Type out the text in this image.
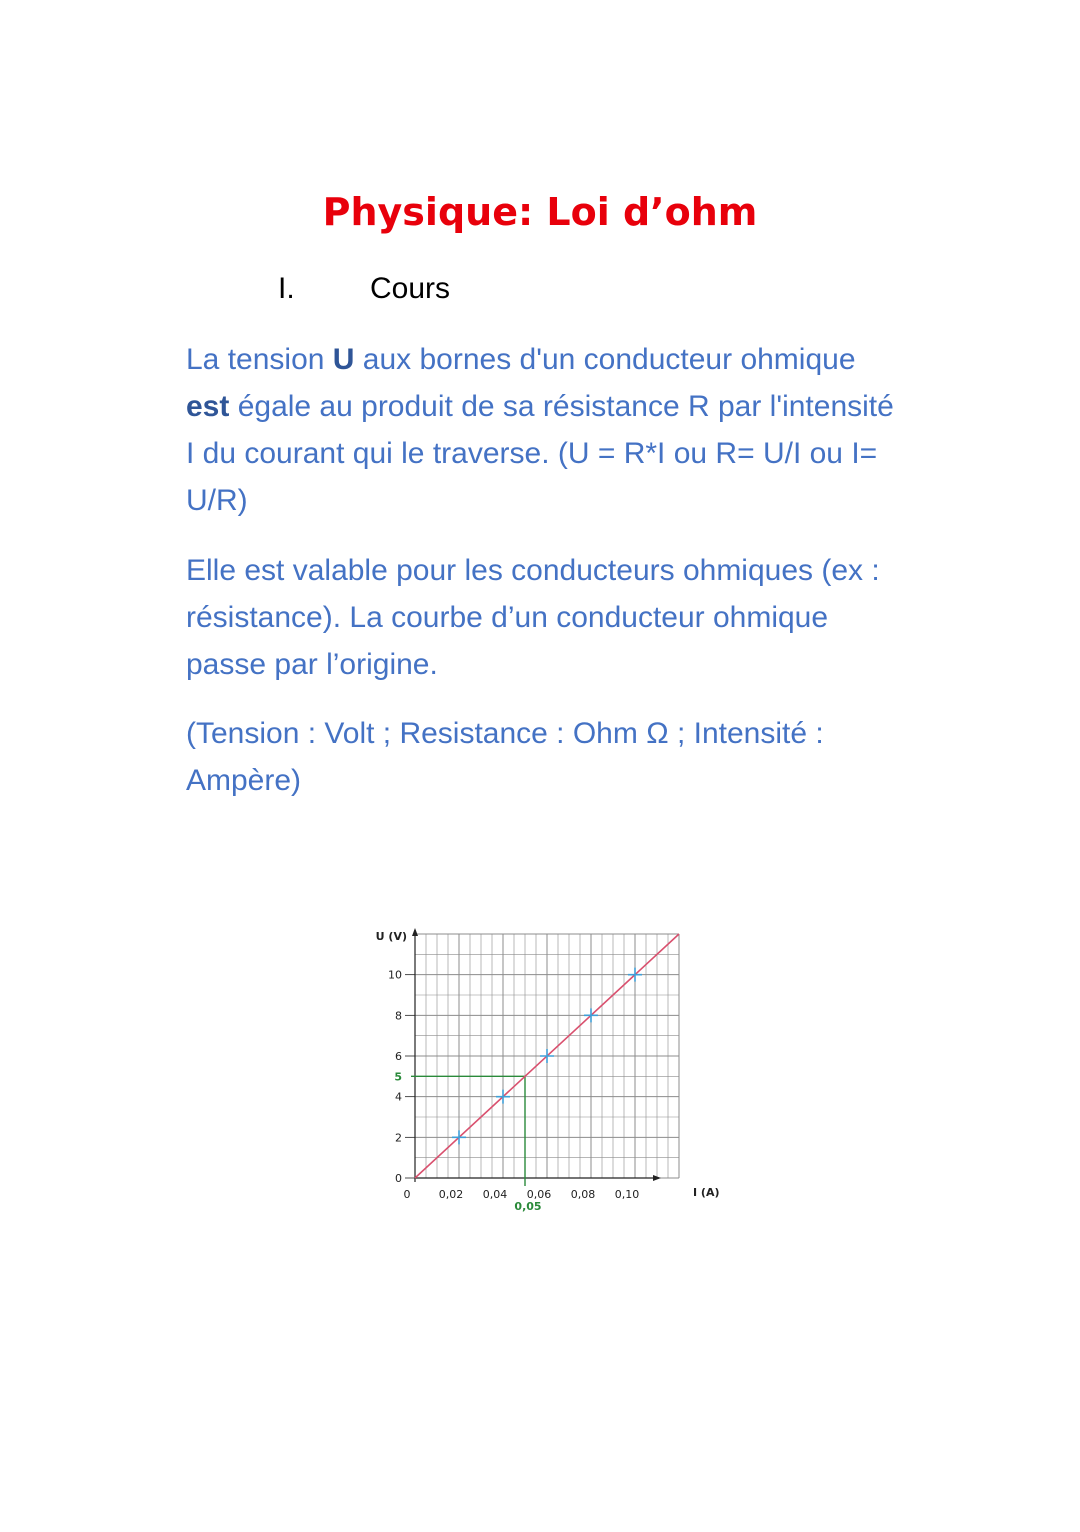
Physique: Loi d’ohm
I.	Cours

La tension U aux bornes d'un conducteur ohmique est égale au produit de sa résistance R par l'intensité I du courant qui le traverse. (U = R*I ou R= U/I ou I= U/R)

Elle est valable pour les conducteurs ohmiques (ex : résistance). La courbe d’un conducteur ohmique passe par l’origine.

(Tension : Volt ; Resistance : Ohm Ω ; Intensité : Ampère)

0	0,02 0,04 0,06 0,08 0,10
0
2
4
6
8
10
U (V)
I (A)
5
0,05
